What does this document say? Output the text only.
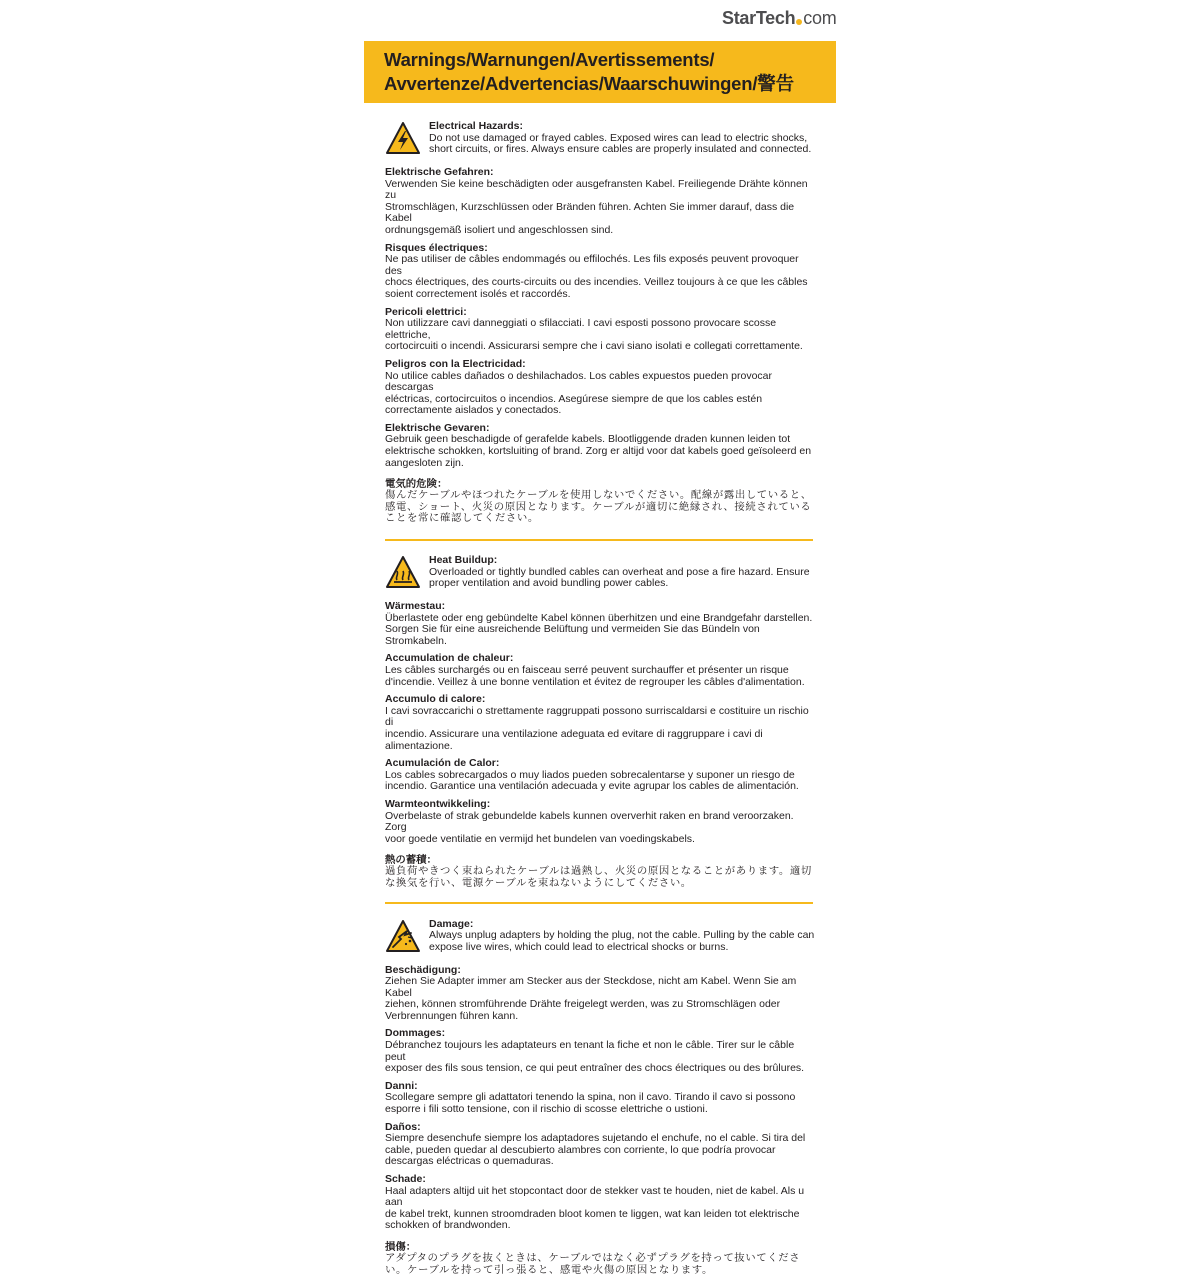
StarTech com
Warnings/Warnungen/Avertissements/
Avvertenze/Advertencias/Waarschuwingen/警告
Electrical Hazards:
Do not use damaged or frayed cables. Exposed wires can lead to electric shocks,
short circuits, or fires. Always ensure cables are properly insulated and connected.
Elektrische Gefahren:
Verwenden Sie keine beschädigten oder ausgefransten Kabel. Freiliegende Drähte können zu
Stromschlägen, Kurzschlüssen oder Bränden führen. Achten Sie immer darauf, dass die Kabel
ordnungsgemäß isoliert und angeschlossen sind.
Risques électriques:
Ne pas utiliser de câbles endommagés ou effilochés. Les fils exposés peuvent provoquer des
chocs électriques, des courts-circuits ou des incendies. Veillez toujours à ce que les câbles
soient correctement isolés et raccordés.
Pericoli elettrici:
Non utilizzare cavi danneggiati o sfilacciati. I cavi esposti possono provocare scosse elettriche,
cortocircuiti o incendi. Assicurarsi sempre che i cavi siano isolati e collegati correttamente.
Peligros con la Electricidad:
No utilice cables dañados o deshilachados. Los cables expuestos pueden provocar descargas
eléctricas, cortocircuitos o incendios. Asegúrese siempre de que los cables estén
correctamente aislados y conectados.
Elektrische Gevaren:
Gebruik geen beschadigde of gerafelde kabels. Blootliggende draden kunnen leiden tot
elektrische schokken, kortsluiting of brand. Zorg er altijd voor dat kabels goed geïsoleerd en
aangesloten zijn.
電気的危険：
傷んだケーブルやほつれたケーブルを使用しないでください。配線が露出していると、
感電、ショート、火災の原因となります。ケーブルが適切に絶縁され、接続されている
ことを常に確認してください。
Heat Buildup:
Overloaded or tightly bundled cables can overheat and pose a fire hazard. Ensure
proper ventilation and avoid bundling power cables.
Wärmestau:
Überlastete oder eng gebündelte Kabel können überhitzen und eine Brandgefahr darstellen.
Sorgen Sie für eine ausreichende Belüftung und vermeiden Sie das Bündeln von Stromkabeln.
Accumulation de chaleur:
Les câbles surchargés ou en faisceau serré peuvent surchauffer et présenter un risque
d'incendie. Veillez à une bonne ventilation et évitez de regrouper les câbles d'alimentation.
Accumulo di calore:
I cavi sovraccarichi o strettamente raggruppati possono surriscaldarsi e costituire un rischio di
incendio. Assicurare una ventilazione adeguata ed evitare di raggruppare i cavi di
alimentazione.
Acumulación de Calor:
Los cables sobrecargados o muy liados pueden sobrecalentarse y suponer un riesgo de
incendio. Garantice una ventilación adecuada y evite agrupar los cables de alimentación.
Warmteontwikkeling:
Overbelaste of strak gebundelde kabels kunnen oververhit raken en brand veroorzaken. Zorg
voor goede ventilatie en vermijd het bundelen van voedingskabels.
熱の蓄積：
過負荷やきつく束ねられたケーブルは過熱し、火災の原因となることがあります。適切
な換気を行い、電源ケーブルを束ねないようにしてください。
Damage:
Always unplug adapters by holding the plug, not the cable. Pulling by the cable can
expose live wires, which could lead to electrical shocks or burns.
Beschädigung:
Ziehen Sie Adapter immer am Stecker aus der Steckdose, nicht am Kabel. Wenn Sie am Kabel
ziehen, können stromführende Drähte freigelegt werden, was zu Stromschlägen oder
Verbrennungen führen kann.
Dommages:
Débranchez toujours les adaptateurs en tenant la fiche et non le câble. Tirer sur le câble peut
exposer des fils sous tension, ce qui peut entraîner des chocs électriques ou des brûlures.
Danni:
Scollegare sempre gli adattatori tenendo la spina, non il cavo. Tirando il cavo si possono
esporre i fili sotto tensione, con il rischio di scosse elettriche o ustioni.
Daños:
Siempre desenchufe siempre los adaptadores sujetando el enchufe, no el cable. Si tira del
cable, pueden quedar al descubierto alambres con corriente, lo que podría provocar
descargas eléctricas o quemaduras.
Schade:
Haal adapters altijd uit het stopcontact door de stekker vast te houden, niet de kabel. Als u aan
de kabel trekt, kunnen stroomdraden bloot komen te liggen, wat kan leiden tot elektrische
schokken of brandwonden.
損傷：
アダプタのプラグを抜くときは、ケーブルではなく必ずプラグを持って抜いてくださ
い。ケーブルを持って引っ張ると、感電や火傷の原因となります。
